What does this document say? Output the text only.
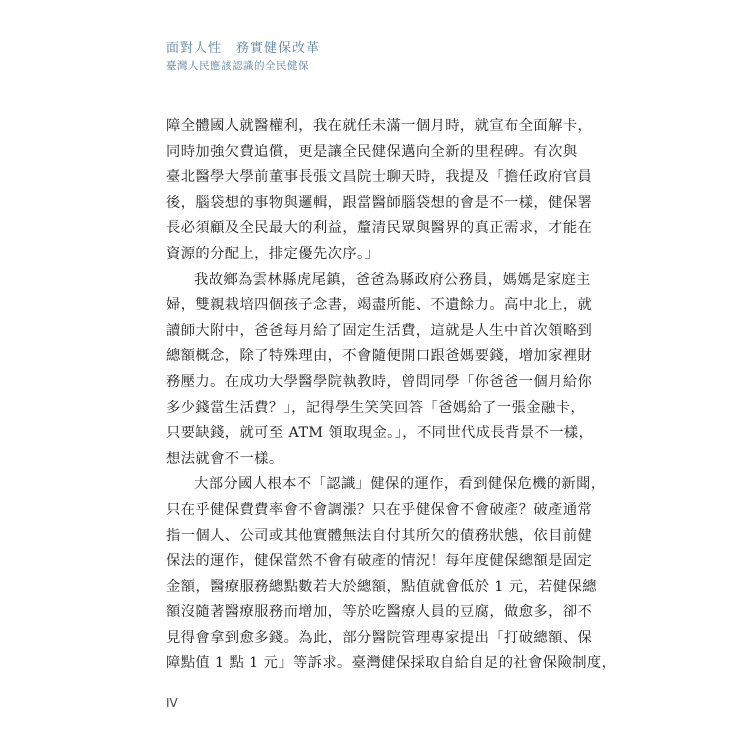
面對人性　務實健保改革
臺灣人民應該認識的全民健保
障全體國人就醫權利，我在就任未滿一個月時，就宣布全面解卡，
同時加強欠費追償，更是讓全民健保邁向全新的里程碑。有次與
臺北醫學大學前董事長張文昌院士聊天時，我提及「擔任政府官員
後，腦袋想的事物與邏輯，跟當醫師腦袋想的會是不一樣，健保署
長必須顧及全民最大的利益，釐清民眾與醫界的真正需求，才能在
資源的分配上，排定優先次序。」
我故鄉為雲林縣虎尾鎮，爸爸為縣政府公務員，媽媽是家庭主
婦，雙親栽培四個孩子念書，竭盡所能、不遺餘力。高中北上，就
讀師大附中，爸爸每月給了固定生活費，這就是人生中首次領略到
總額概念，除了特殊理由，不會隨便開口跟爸媽要錢，增加家裡財
務壓力。在成功大學醫學院執教時，曾問同學「你爸爸一個月給你
多少錢當生活費？」，記得學生笑笑回答「爸媽給了一張金融卡，
只要缺錢，就可至 ATM 領取現金。」，不同世代成長背景不一樣，
想法就會不一樣。
大部分國人根本不「認識」健保的運作，看到健保危機的新聞，
只在乎健保費費率會不會調漲？只在乎健保會不會破產？破產通常
指一個人、公司或其他實體無法自付其所欠的債務狀態，依目前健
保法的運作，健保當然不會有破產的情況！每年度健保總額是固定
金額，醫療服務總點數若大於總額，點值就會低於 1 元，若健保總
額沒隨著醫療服務而增加，等於吃醫療人員的豆腐，做愈多，卻不
見得會拿到愈多錢。為此，部分醫院管理專家提出「打破總額、保
障點值 1 點 1 元」等訴求。臺灣健保採取自給自足的社會保險制度，
IV
